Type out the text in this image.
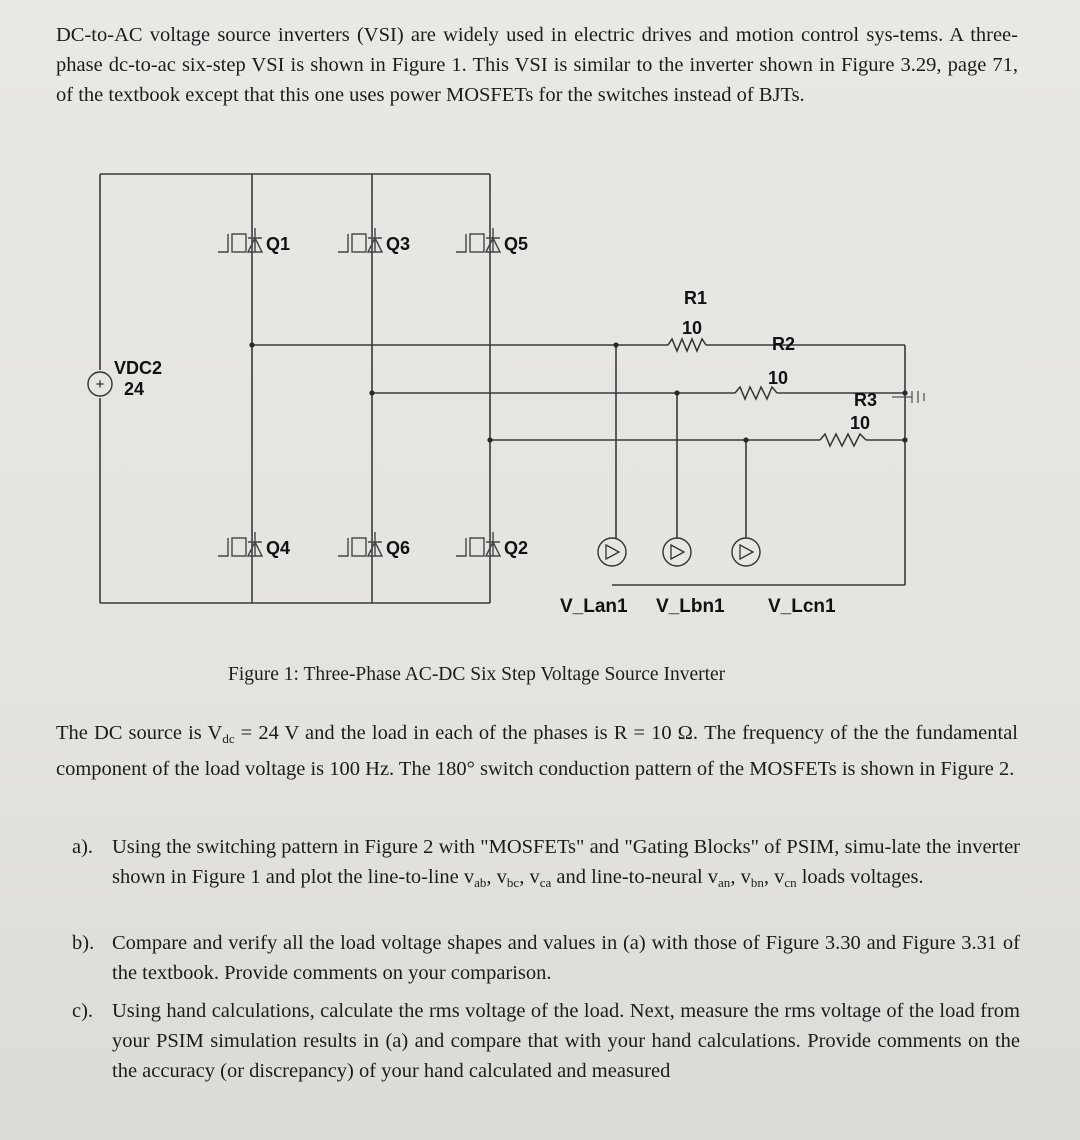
DC-to-AC voltage source inverters (VSI) are widely used in electric drives and motion control sys-tems. A three-phase dc-to-ac six-step VSI is shown in Figure 1. This VSI is similar to the inverter shown in Figure 3.29, page 71, of the textbook except that this one uses power MOSFETs for the switches instead of BJTs.

+
VDC2
24
Q1	Q3	Q5
Q4	Q6	Q2
R1
10
R2
10
R3
10
V_Lan1 V_Lbn1 V_Lcn1

Figure 1: Three-Phase AC-DC Six Step Voltage Source Inverter

The DC source is $V_{dc} = 24$ V and the load in each of the phases is R = 10 Ω. The frequency of the the fundamental component of the load voltage is 100 Hz. The 180° switch conduction pattern of the MOSFETs is shown in Figure 2.

a). Using the switching pattern in Figure 2 with "MOSFETs" and "Gating Blocks" of PSIM, simu-late the inverter shown in Figure 1 and plot the line-to-line $v_{ab}$, $v_{bc}$, $v_{ca}$ and line-to-neural $v_{an}$, $v_{bn}$, $v_{cn}$ loads voltages.
b). Compare and verify all the load voltage shapes and values in (a) with those of Figure 3.30 and Figure 3.31 of the textbook. Provide comments on your comparison.
c). Using hand calculations, calculate the rms voltage of the load. Next, measure the rms voltage of the load from your PSIM simulation results in (a) and compare that with your hand calculations. Provide comments on the the accuracy (or discrepancy) of your hand calculated and measured
